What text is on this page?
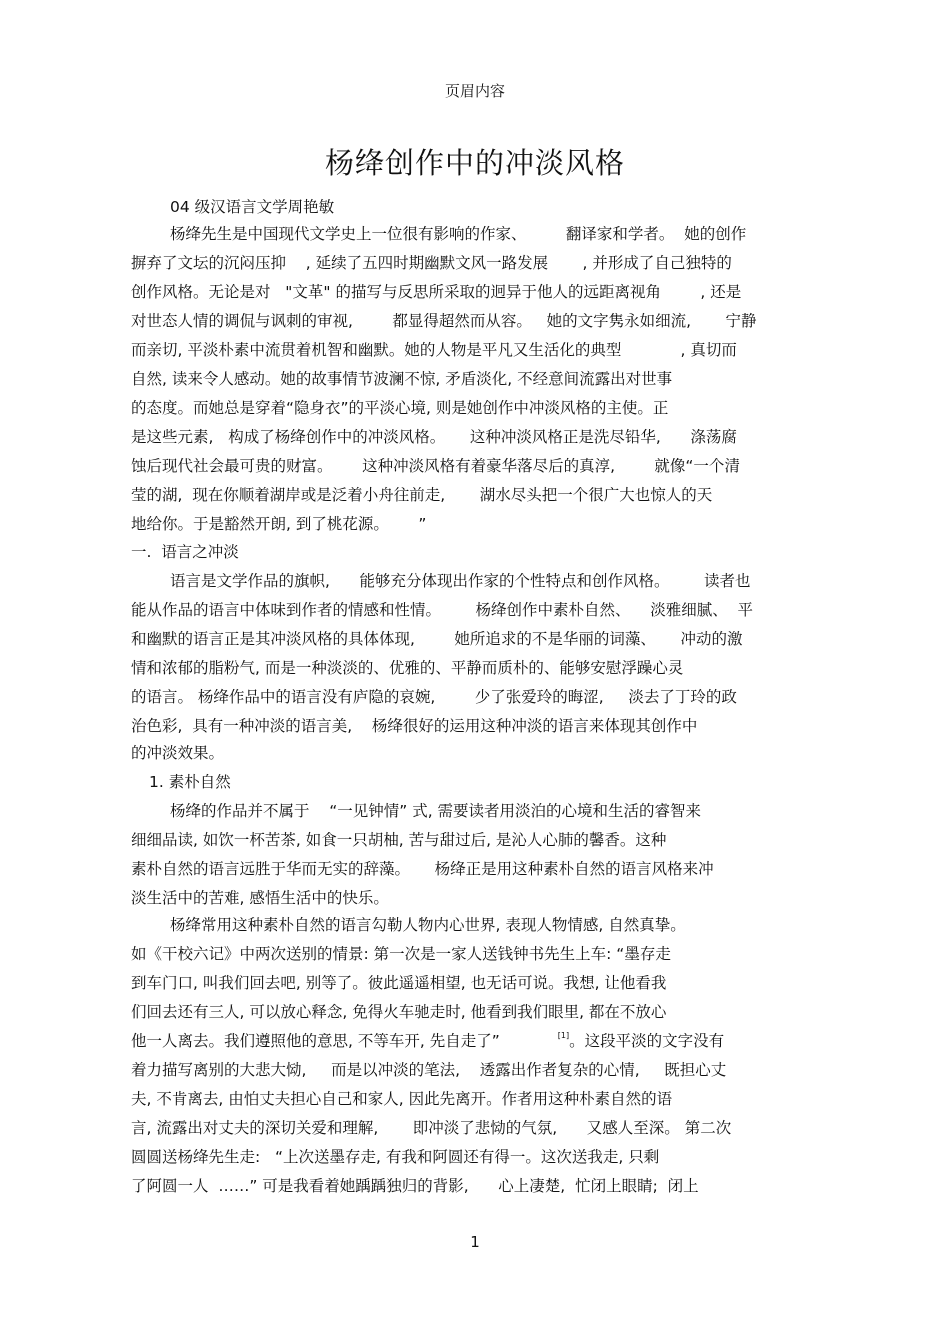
页眉内容
杨绛创作中的冲淡风格
04 级汉语言文学周艳敏
杨绛先生是中国现代文学史上一位很有影响的作家、        翻译家和学者。  她的创作
摒弃了文坛的沉闷压抑    , 延续了五四时期幽默文风一路发展       , 并形成了自己独特的
创作风格。无论是对   "文革" 的描写与反思所采取的迥异于他人的远距离视角        , 还是
对世态人情的调侃与讽刺的审视,        都显得超然而从容。   她的文字隽永如细流,       宁静
而亲切, 平淡朴素中流贯着机智和幽默。她的人物是平凡又生活化的典型            , 真切而
自然, 读来令人感动。她的故事情节波澜不惊, 矛盾淡化, 不经意间流露出对世事
的态度。而她总是穿着“隐身衣”的平淡心境, 则是她创作中冲淡风格的主使。正
是这些元素,   构成了杨绛创作中的冲淡风格。     这种冲淡风格正是洗尽铅华,      涤荡腐
蚀后现代社会最可贵的财富。      这种冲淡风格有着豪华落尽后的真淳,        就像“一个清
莹的湖,  现在你顺着湖岸或是泛着小舟往前走,       湖水尽头把一个很广大也惊人的天
地给你。于是豁然开朗, 到了桃花源。      ”
一.  语言之冲淡
语言是文学作品的旗帜,      能够充分体现出作家的个性特点和创作风格。       读者也
能从作品的语言中体味到作者的情感和性情。       杨绛创作中素朴自然、    淡雅细腻、  平
和幽默的语言正是其冲淡风格的具体体现,        她所追求的不是华丽的词藻、     冲动的激
情和浓郁的脂粉气, 而是一种淡淡的、优雅的、平静而质朴的、能够安慰浮躁心灵
的语言。 杨绛作品中的语言没有庐隐的哀婉,        少了张爱玲的晦涩,     淡去了丁玲的政
治色彩,  具有一种冲淡的语言美,    杨绛很好的运用这种冲淡的语言来体现其创作中
的冲淡效果。
1. 素朴自然
杨绛的作品并不属于    “一见钟情” 式, 需要读者用淡泊的心境和生活的睿智来
细细品读, 如饮一杯苦茶, 如食一只胡柚, 苦与甜过后, 是沁人心肺的馨香。这种
素朴自然的语言远胜于华而无实的辞藻。     杨绛正是用这种素朴自然的语言风格来冲
淡生活中的苦难, 感悟生活中的快乐。
杨绛常用这种素朴自然的语言勾勒人物内心世界, 表现人物情感, 自然真挚。
如《干校六记》中两次送别的情景: 第一次是一家人送钱钟书先生上车: “墨存走
到车门口, 叫我们回去吧, 别等了。彼此遥遥相望, 也无话可说。我想, 让他看我
们回去还有三人, 可以放心释念, 免得火车驰走时, 他看到我们眼里, 都在不放心
他一人离去。我们遵照他的意思, 不等车开, 先自走了”	[1]。这段平淡的文字没有
着力描写离别的大悲大恸,     而是以冲淡的笔法,    透露出作者复杂的心情,     既担心丈
夫, 不肯离去, 由怕丈夫担心自己和家人, 因此先离开。作者用这种朴素自然的语
言, 流露出对丈夫的深切关爱和理解,       即冲淡了悲恸的气氛,      又感人至深。 第二次
圆圆送杨绛先生走:   “上次送墨存走, 有我和阿圆还有得一。这次送我走, 只剩
了阿圆一人  ……” 可是我看着她踽踽独归的背影,      心上凄楚,  忙闭上眼睛;  闭上
1
